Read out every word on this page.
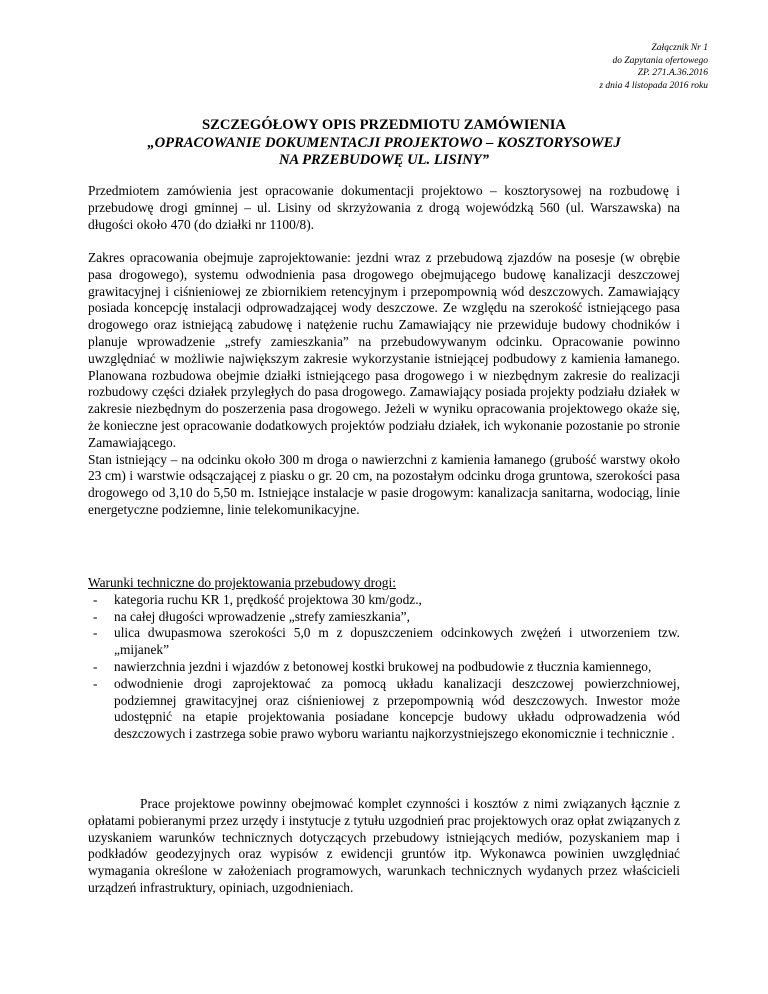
Załącznik Nr 1
do Zapytania ofertowego
ZP. 271.A.36.2016
z dnia 4 listopada 2016 roku
SZCZEGÓŁOWY OPIS PRZEDMIOTU ZAMÓWIENIA
„OPRACOWANIE DOKUMENTACJI PROJEKTOWO – KOSZTORYSOWEJ
NA PRZEBUDOWĘ UL. LISINY”

Przedmiotem zamówienia jest opracowanie dokumentacji projektowo – kosztorysowej na rozbudowę i przebudowę drogi gminnej – ul. Lisiny od skrzyżowania z drogą wojewódzką 560 (ul. Warszawska) na długości około 470 (do działki nr 1100/8).

Zakres opracowania obejmuje zaprojektowanie: jezdni wraz z przebudową zjazdów na posesje (w obrębie pasa drogowego), systemu odwodnienia pasa drogowego obejmującego budowę kanalizacji deszczowej grawitacyjnej i ciśnieniowej ze zbiornikiem retencyjnym i przepompownią wód deszczowych. Zamawiający posiada koncepcję instalacji odprowadzającej wody deszczowe. Ze względu na szerokość istniejącego pasa drogowego oraz istniejącą zabudowę i natężenie ruchu Zamawiający nie przewiduje budowy chodników i planuje wprowadzenie „strefy zamieszkania” na przebudowywanym odcinku. Opracowanie powinno uwzględniać w możliwie największym zakresie wykorzystanie istniejącej podbudowy z kamienia łamanego. Planowana rozbudowa obejmie działki istniejącego pasa drogowego i w niezbędnym zakresie do realizacji rozbudowy części działek przyległych do pasa drogowego. Zamawiający posiada projekty podziału działek w zakresie niezbędnym do poszerzenia pasa drogowego. Jeżeli w wyniku opracowania projektowego okaże się, że konieczne jest opracowanie dodatkowych projektów podziału działek, ich wykonanie pozostanie po stronie Zamawiającego.

Stan istniejący – na odcinku około 300 m droga o nawierzchni z kamienia łamanego (grubość warstwy około 23 cm) i warstwie odsączającej z piasku o gr. 20 cm, na pozostałym odcinku droga gruntowa, szerokości pasa drogowego od 3,10 do 5,50 m. Istniejące instalacje w pasie drogowym: kanalizacja sanitarna, wodociąg, linie energetyczne podziemne, linie telekomunikacyjne.

Warunki techniczne do projektowania przebudowy drogi:
- kategoria ruchu KR 1, prędkość projektowa 30 km/godz.,
- na całej długości wprowadzenie „strefy zamieszkania”,
- ulica dwupasmowa szerokości 5,0 m z dopuszczeniem odcinkowych zwężeń i utworzeniem tzw. „mijanek”
- nawierzchnia jezdni i wjazdów z betonowej kostki brukowej na podbudowie z tłucznia kamiennego,
- odwodnienie drogi zaprojektować za pomocą układu kanalizacji deszczowej powierzchniowej, podziemnej grawitacyjnej oraz ciśnieniowej z przepompownią wód deszczowych. Inwestor może udostępnić na etapie projektowania posiadane koncepcje budowy układu odprowadzenia wód deszczowych i zastrzega sobie prawo wyboru wariantu najkorzystniejszego ekonomicznie i technicznie .

Prace projektowe powinny obejmować komplet czynności i kosztów z nimi związanych łącznie z opłatami pobieranymi przez urzędy i instytucje z tytułu uzgodnień prac projektowych oraz opłat związanych z uzyskaniem warunków technicznych dotyczących przebudowy istniejących mediów, pozyskaniem map i podkładów geodezyjnych oraz wypisów z ewidencji gruntów itp. Wykonawca powinien uwzględniać wymagania określone w założeniach programowych, warunkach technicznych wydanych przez właścicieli urządzeń infrastruktury, opiniach, uzgodnieniach.
